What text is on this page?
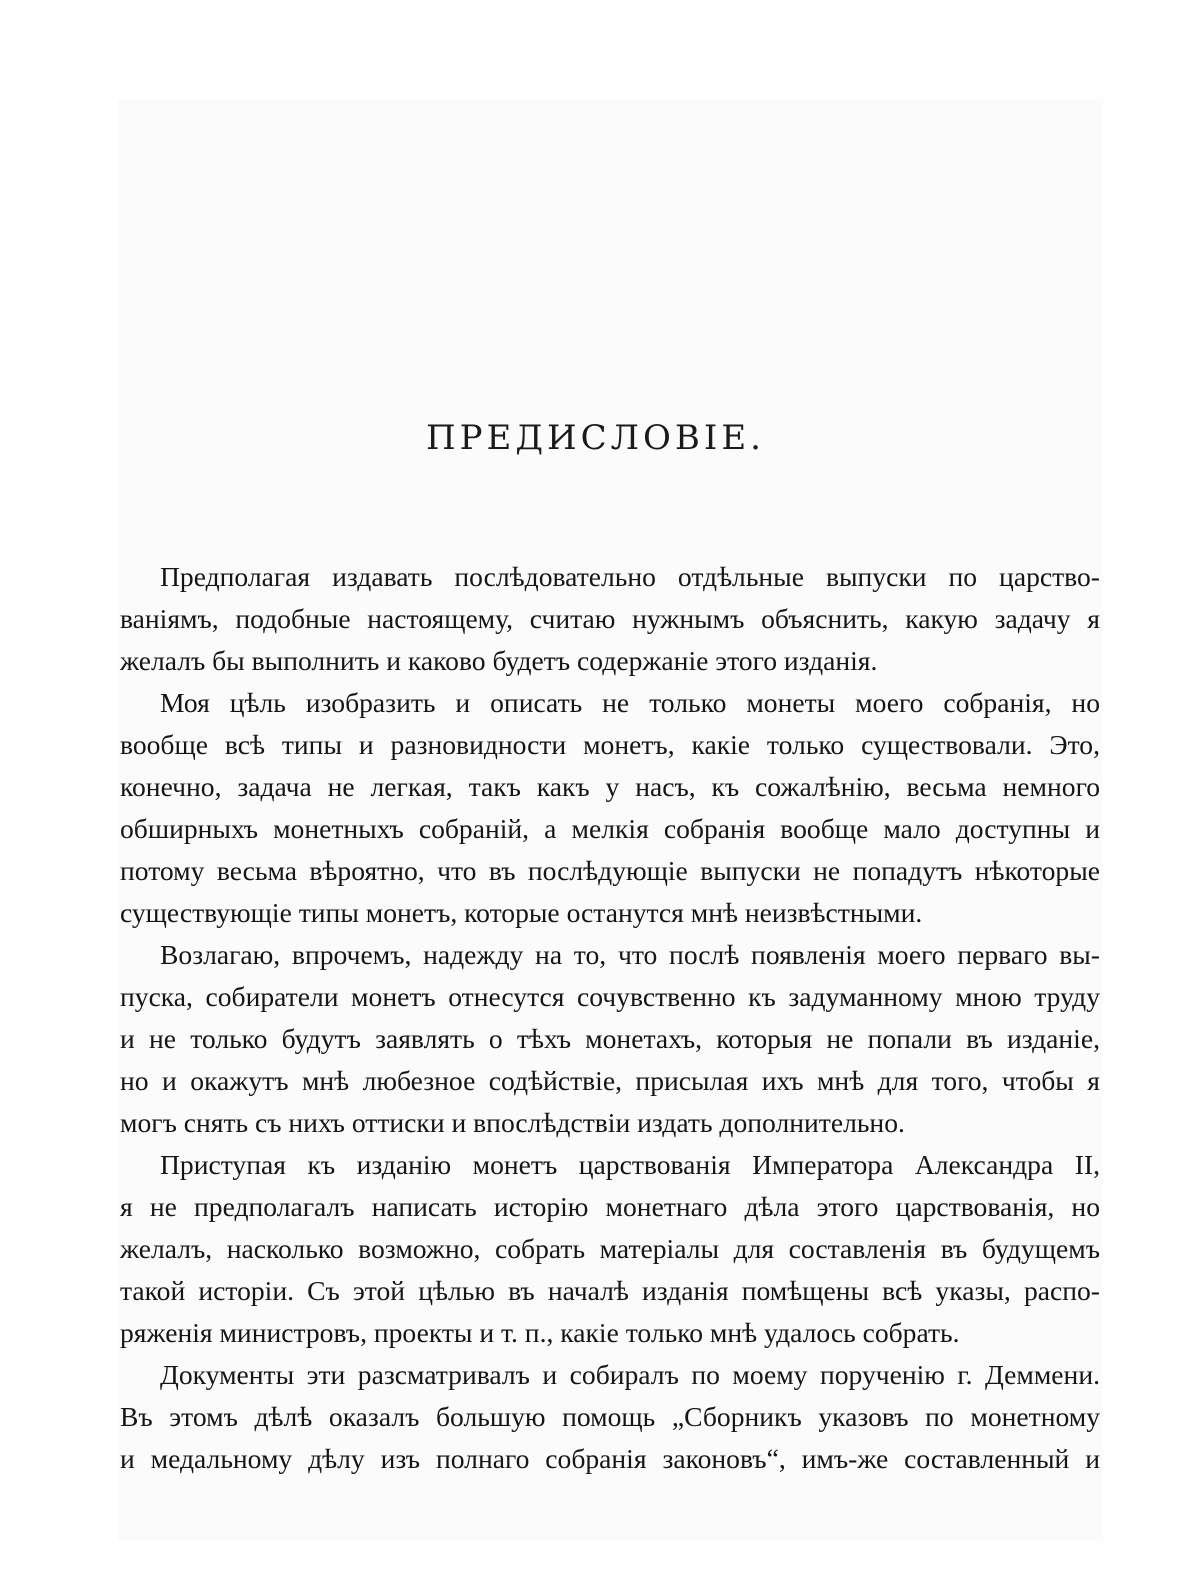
ПРЕДИСЛОВІЕ.
Предполагая издавать послѣдовательно отдѣльные выпуски по царство-
ваніямъ, подобные настоящему, считаю нужнымъ объяснить, какую задачу я
желалъ бы выполнить и каково будетъ содержаніе этого изданія.
Моя цѣль изобразить и описать не только монеты моего собранія, но
вообще всѣ типы и разновидности монетъ, какіе только существовали. Это,
конечно, задача не легкая, такъ какъ у насъ, къ сожалѣнію, весьма немного
обширныхъ монетныхъ собраній, а мелкія собранія вообще мало доступны и
потому весьма вѣроятно, что въ послѣдующіе выпуски не попадутъ нѣкоторые
существующіе типы монетъ, которые останутся мнѣ неизвѣстными.
Возлагаю, впрочемъ, надежду на то, что послѣ появленія моего перваго вы-
пуска, собиратели монетъ отнесутся сочувственно къ задуманному мною труду
и не только будутъ заявлять о тѣхъ монетахъ, которыя не попали въ изданіе,
но и окажутъ мнѣ любезное содѣйствіе, присылая ихъ мнѣ для того, чтобы я
могъ снять съ нихъ оттиски и впослѣдствіи издать дополнительно.
Приступая къ изданію монетъ царствованія Императора Александра II,
я не предполагалъ написать исторію монетнаго дѣла этого царствованія, но
желалъ, насколько возможно, собрать матеріалы для составленія въ будущемъ
такой исторіи. Съ этой цѣлью въ началѣ изданія помѣщены всѣ указы, распо-
ряженія министровъ, проекты и т. п., какіе только мнѣ удалось собрать.
Документы эти разсматривалъ и собиралъ по моему порученію г. Деммени.
Въ этомъ дѣлѣ оказалъ большую помощь „Сборникъ указовъ по монетному
и медальному дѣлу изъ полнаго собранія законовъ“, имъ-же составленный и
